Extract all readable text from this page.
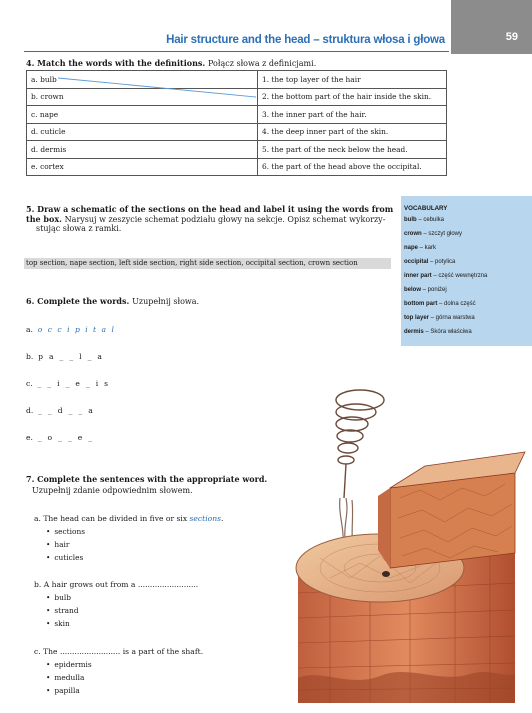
Hair structure and the head – struktura włosa i głowa	59
4. Match the words with the definitions. Połącz słowa z definicjami.
a. bulb	1. the top layer of the hair
b. crown	2. the bottom part of the hair inside the skin.
c. nape	3. the inner part of the hair.
d. cuticle	4. the deep inner part of the skin.
d. dermis	5. the part of the neck below the head.
e. cortex	6. the part of the head above the occipital.
5. Draw a schematic of the sections on the head and label it using the words from
the box. Narysuj w zeszycie schemat podziału głowy na sekcje. Opisz schemat wykorzy-
stując słowa z ramki.
top section, nape section, left side section, right side section, occipital section, crown section
VOCABULARY
bulb – cebulka
crown – szczyt głowy
nape – kark
occipital – potylica
inner part – część wewnętrzna
below – poniżej
bottom part – dolna część
top layer – górna warstwa
dermis – Skóra właściwa
6. Complete the words. Uzupełnij słowa.
a. o c c i p i t a l
b. p a _ _ l _ a
c. _ _ i _ e _ i s
d. _ _ d _ _ a
e. _ o _ _ e _
7. Complete the sentences with the appropriate word.
Uzupełnij zdanie odpowiednim słowem.
a. The head can be divided in five or six sections.
• sections
• hair
• cuticles
b. A hair grows out from a .........................
• bulb
• strand
• skin
c. The ......................... is a part of the shaft.
• epidermis
• medulla
• papilla
